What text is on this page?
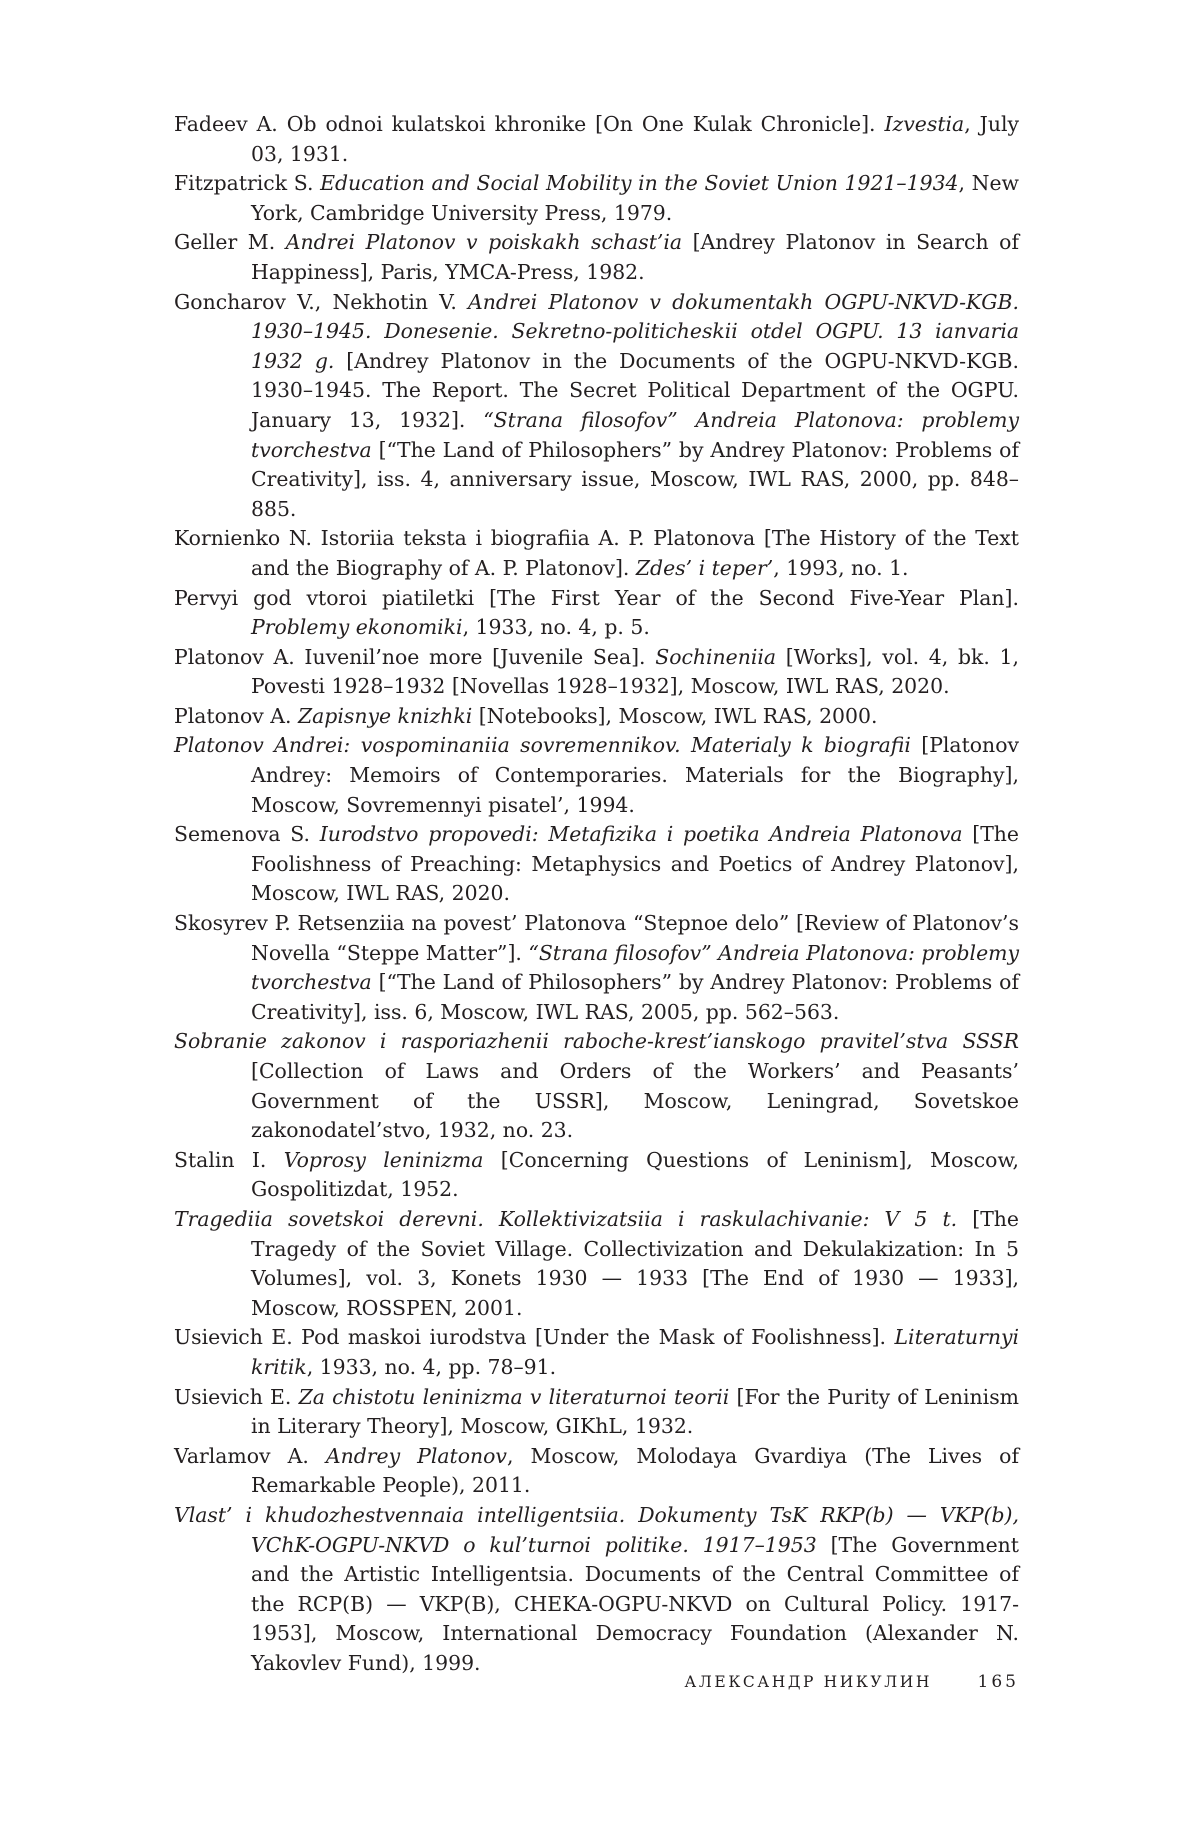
Fadeev A. Ob odnoi kulatskoi khronike [On One Kulak Chronicle]. Izvestia, July 03, 1931.

Fitzpatrick S. Education and Social Mobility in the Soviet Union 1921–1934, New York, Cambridge University Press, 1979.

Geller M. Andrei Platonov v poiskakh schast’ia [Andrey Platonov in Search of Happiness], Paris, YMCA-Press, 1982.

Goncharov V., Nekhotin V. Andrei Platonov v dokumentakh OGPU-NKVD-KGB. 1930–1945. Donesenie. Sekretno-politicheskii otdel OGPU. 13 ianvaria 1932 g. [Andrey Platonov in the Documents of the OGPU-NKVD-KGB. 1930–1945. The Report. The Secret Political Department of the OGPU. January 13, 1932]. “Strana filosofov” Andreia Platonova: problemy tvorchestva [“The Land of Philosophers” by Andrey Platonov: Problems of Creativity], iss. 4, anniversary issue, Moscow, IWL RAS, 2000, pp. 848–885.

Kornienko N. Istoriia teksta i biografiia A. P. Platonova [The History of the Text and the Biography of A. P. Platonov]. Zdes’ i teper’, 1993, no. 1.

Pervyi god vtoroi piatiletki [The First Year of the Second Five-Year Plan]. Problemy ekonomiki, 1933, no. 4, p. 5.

Platonov A. Iuvenil’noe more [Juvenile Sea]. Sochineniia [Works], vol. 4, bk. 1, Povesti 1928–1932 [Novellas 1928–1932], Moscow, IWL RAS, 2020.

Platonov A. Zapisnye knizhki [Notebooks], Moscow, IWL RAS, 2000.

Platonov Andrei: vospominaniia sovremennikov. Materialy k biografii [Platonov Andrey: Memoirs of Contemporaries. Materials for the Biography], Moscow, Sovremennyi pisatel’, 1994.

Semenova S. Iurodstvo propovedi: Metafizika i poetika Andreia Platonova [The Foolishness of Preaching: Metaphysics and Poetics of Andrey Platonov], Moscow, IWL RAS, 2020.

Skosyrev P. Retsenziia na povest’ Platonova “Stepnoe delo” [Review of Platonov’s Novella “Steppe Matter”]. “Strana filosofov” Andreia Platonova: problemy tvorchestva [“The Land of Philosophers” by Andrey Platonov: Problems of Creativity], iss. 6, Moscow, IWL RAS, 2005, pp. 562–563.

Sobranie zakonov i rasporiazhenii raboche-krest’ianskogo pravitel’stva SSSR [Collection of Laws and Orders of the Workers’ and Peasants’ Government of the USSR], Moscow, Leningrad, Sovetskoe zakonodatel’stvo, 1932, no. 23.

Stalin I. Voprosy leninizma [Concerning Questions of Leninism], Moscow, Gospolitizdat, 1952.

Tragediia sovetskoi derevni. Kollektivizatsiia i raskulachivanie: V 5 t. [The Tragedy of the Soviet Village. Collectivization and Dekulakization: In 5 Volumes], vol. 3, Konets 1930 — 1933 [The End of 1930 — 1933], Moscow, ROSSPEN, 2001.

Usievich E. Pod maskoi iurodstva [Under the Mask of Foolishness]. Literaturnyi kritik, 1933, no. 4, pp. 78–91.

Usievich E. Za chistotu leninizma v literaturnoi teorii [For the Purity of Leninism in Literary Theory], Moscow, GIKhL, 1932.

Varlamov A. Andrey Platonov, Moscow, Molodaya Gvardiya (The Lives of Remarkable People), 2011.

Vlast’ i khudozhestvennaia intelligentsiia. Dokumenty TsK RKP(b) — VKP(b), VChK-OGPU-NKVD o kul’turnoi politike. 1917–1953 [The Government and the Artistic Intelligentsia. Documents of the Central Committee of the RCP(B) — VKP(B), CHEKA-OGPU-NKVD on Cultural Policy. 1917-1953], Moscow, International Democracy Foundation (Alexander N. Yakovlev Fund), 1999.

АЛЕКСАНДР НИКУЛИН	165
